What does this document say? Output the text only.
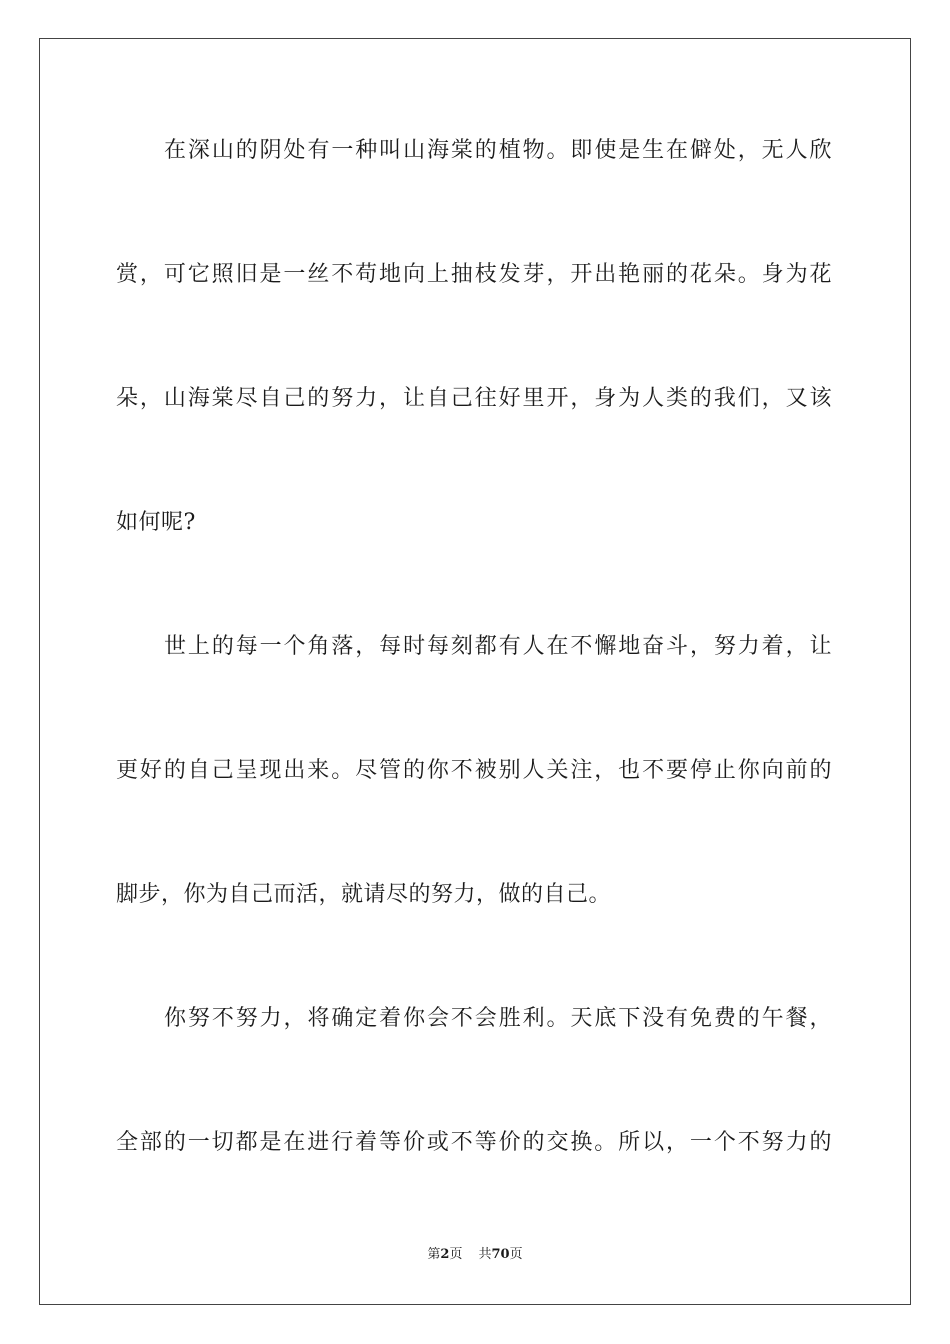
在深山的阴处有一种叫山海棠的植物。即使是生在僻处，无人欣
赏，可它照旧是一丝不苟地向上抽枝发芽，开出艳丽的花朵。身为花
朵，山海棠尽自己的努力，让自己往好里开，身为人类的我们，又该
如何呢?
世上的每一个角落，每时每刻都有人在不懈地奋斗，努力着，让
更好的自己呈现出来。尽管的你不被别人关注，也不要停止你向前的
脚步，你为自己而活，就请尽的努力，做的自己。
你努不努力，将确定着你会不会胜利。天底下没有免费的午餐，
全部的一切都是在进行着等价或不等价的交换。所以，一个不努力的
第2页 共70页
